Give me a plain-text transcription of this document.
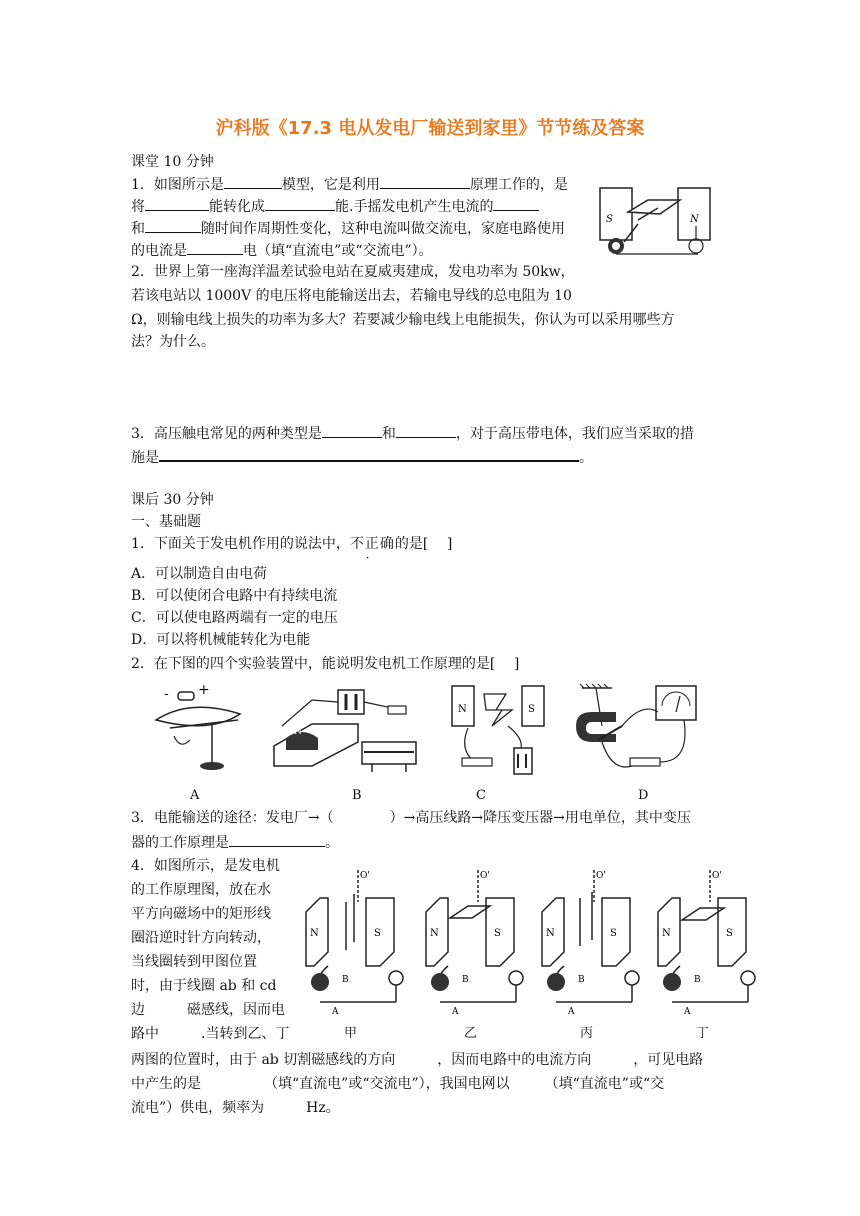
沪科版《17.3 电从发电厂输送到家里》节节练及答案
课堂 10 分钟
1．如图所示是	模型，它是利用	原理工作的，是
将	能转化成	能.手摇发电机产生电流的
和	随时间作周期性变化，这种电流叫做交流电，家庭电路使用
的电流是	电（填“直流电”或“交流电”）。
S	N
2．世界上第一座海洋温差试验电站在夏威夷建成，发电功率为 50kw，
若该电站以 1000V 的电压将电能输送出去，若输电导线的总电阻为 10
Ω，则输电线上损失的功率为多大？若要减少输电线上电能损失，你认为可以采用哪些方
法？为什么。
3．高压触电常见的两种类型是	和	，对于高压带电体，我们应当采取的措
施是	。
课后 30 分钟
一、基础题
1．下面关于发电机作用的说法中，不正确的是[　 ]
A．可以制造自由电荷
B．可以使闭合电路中有持续电流
C．可以使电路两端有一定的电压
D．可以将机械能转化为电能
2．在下图的四个实验装置中，能说明发电机工作原理的是[　 ]
- +
N
N	S
A	B	C	D
3．电能输送的途径：发电厂→（　　　　）→高压线路→降压变压器→用电单位，其中变压
器的工作原理是	。
4．如图所示，是发电机
的工作原理图，放在水
平方向磁场中的矩形线
圈沿逆时针方向转动，
当线圈转到甲图位置
时，由于线圈 ab 和 cd
边　　　磁感线，因而电
路中　　　.当转到乙、丁
两图的位置时，由于 ab 切割磁感线的方向　　　，因而电路中的电流方向　　　，可见电路
中产生的是　　　　　（填“直流电”或“交流电”），我国电网以　　　（填“直流电”或“交
流电”）供电，频率为　　　Hz。
N	S
O'
A
B
N	S
O'
A
B
N	S
O'
A
B
N	S
O'
A
B
甲	乙	丙	丁
